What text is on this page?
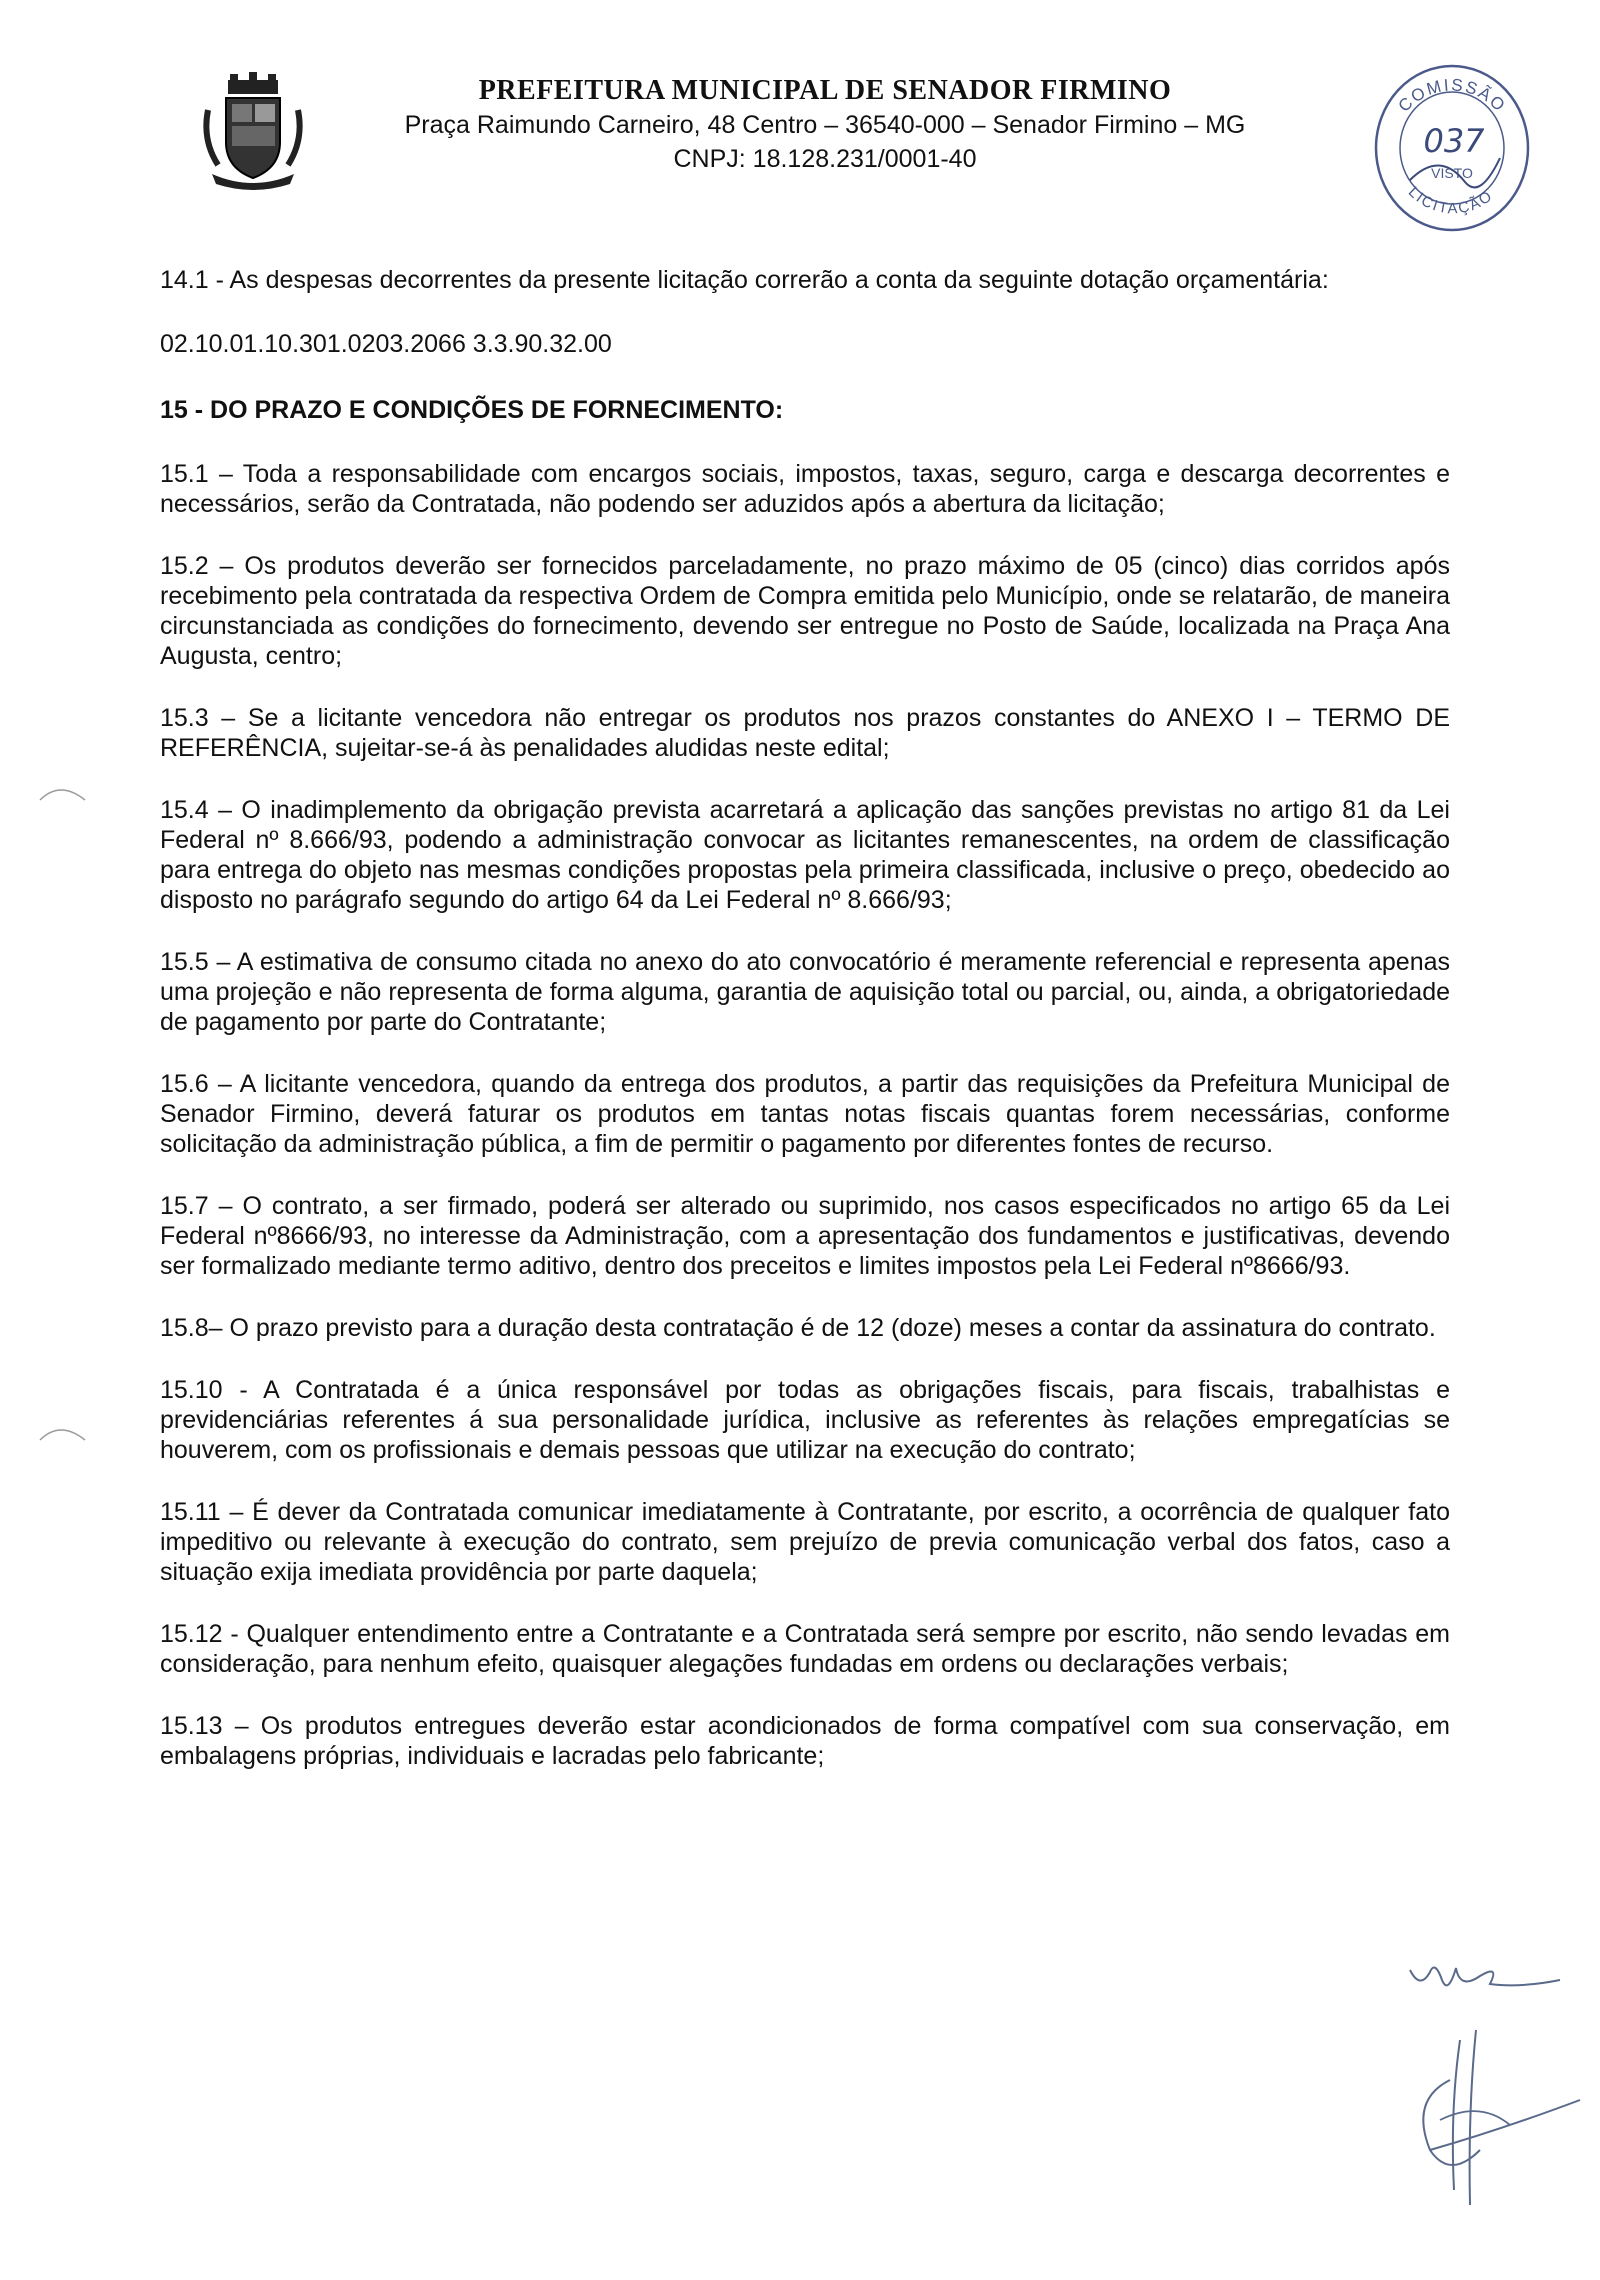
PREFEITURA MUNICIPAL DE SENADOR FIRMINO

Praça Raimundo Carneiro, 48 Centro – 36540-000 – Senador Firmino – MG

CNPJ: 18.128.231/0001-40

COMISSÃO
LICITAÇÃO
037
VISTO

14.1 - As despesas decorrentes da presente licitação correrão a conta da seguinte dotação orçamentária:

02.10.01.10.301.0203.2066 3.3.90.32.00

15 - DO PRAZO E CONDIÇÕES DE FORNECIMENTO:

15.1 – Toda a responsabilidade com encargos sociais, impostos, taxas, seguro, carga e descarga decorrentes e necessários, serão da Contratada, não podendo ser aduzidos após a abertura da licitação;

15.2 – Os produtos deverão ser fornecidos parceladamente, no prazo máximo de 05 (cinco) dias corridos após recebimento pela contratada da respectiva Ordem de Compra emitida pelo Município, onde se relatarão, de maneira circunstanciada as condições do fornecimento, devendo ser entregue no Posto de Saúde, localizada na Praça Ana Augusta, centro;

15.3 – Se a licitante vencedora não entregar os produtos nos prazos constantes do ANEXO I – TERMO DE REFERÊNCIA, sujeitar-se-á às penalidades aludidas neste edital;

15.4 – O inadimplemento da obrigação prevista acarretará a aplicação das sanções previstas no artigo 81 da Lei Federal nº 8.666/93, podendo a administração convocar as licitantes remanescentes, na ordem de classificação para entrega do objeto nas mesmas condições propostas pela primeira classificada, inclusive o preço, obedecido ao disposto no parágrafo segundo do artigo 64 da Lei Federal nº 8.666/93;

15.5 – A estimativa de consumo citada no anexo do ato convocatório é meramente referencial e representa apenas uma projeção e não representa de forma alguma, garantia de aquisição total ou parcial, ou, ainda, a obrigatoriedade de pagamento por parte do Contratante;

15.6 – A licitante vencedora, quando da entrega dos produtos, a partir das requisições da Prefeitura Municipal de Senador Firmino, deverá faturar os produtos em tantas notas fiscais quantas forem necessárias, conforme solicitação da administração pública, a fim de permitir o pagamento por diferentes fontes de recurso.

15.7 – O contrato, a ser firmado, poderá ser alterado ou suprimido, nos casos especificados no artigo 65 da Lei Federal nº8666/93, no interesse da Administração, com a apresentação dos fundamentos e justificativas, devendo ser formalizado mediante termo aditivo, dentro dos preceitos e limites impostos pela Lei Federal nº8666/93.

15.8– O prazo previsto para a duração desta contratação é de 12 (doze) meses a contar da assinatura do contrato.

15.10 - A Contratada é a única responsável por todas as obrigações fiscais, para fiscais, trabalhistas e previdenciárias referentes á sua personalidade jurídica, inclusive as referentes às relações empregatícias se houverem, com os profissionais e demais pessoas que utilizar na execução do contrato;

15.11 – É dever da Contratada comunicar imediatamente à Contratante, por escrito, a ocorrência de qualquer fato impeditivo ou relevante à execução do contrato, sem prejuízo de previa comunicação verbal dos fatos, caso a situação exija imediata providência por parte daquela;

15.12 - Qualquer entendimento entre a Contratante e a Contratada será sempre por escrito, não sendo levadas em consideração, para nenhum efeito, quaisquer alegações fundadas em ordens ou declarações verbais;

15.13 – Os produtos entregues deverão estar acondicionados de forma compatível com sua conservação, em embalagens próprias, individuais e lacradas pelo fabricante;
